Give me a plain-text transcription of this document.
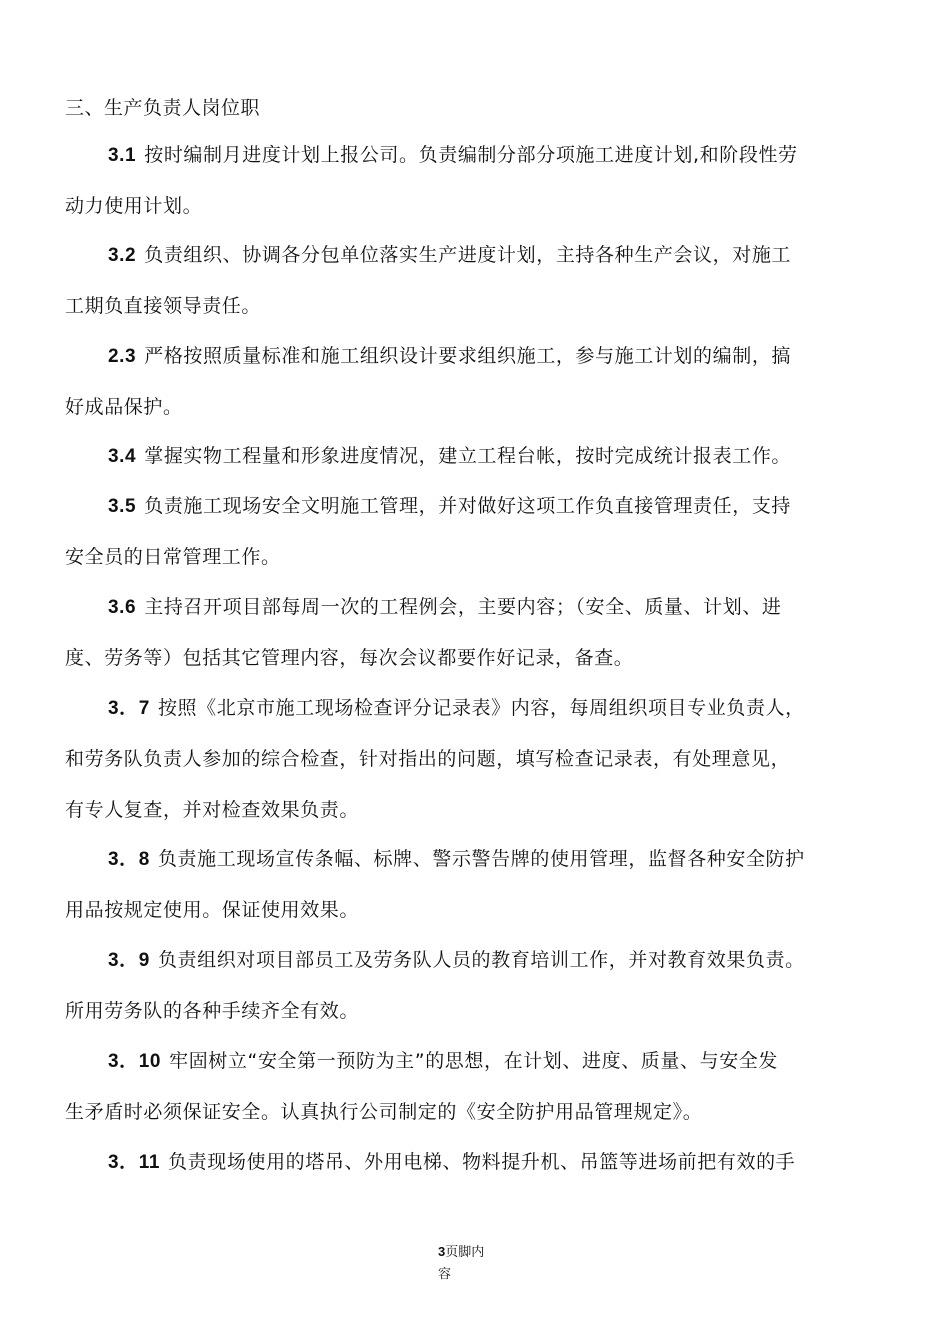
三、生产负责人岗位职
3.1 按时编制月进度计划上报公司。负责编制分部分项施工进度计划,和阶段性劳
动力使用计划。
3.2 负责组织、协调各分包单位落实生产进度计划，主持各种生产会议，对施工
工期负直接领导责任。
2.3 严格按照质量标准和施工组织设计要求组织施工，参与施工计划的编制，搞
好成品保护。
3.4 掌握实物工程量和形象进度情况，建立工程台帐，按时完成统计报表工作。
3.5 负责施工现场安全文明施工管理，并对做好这项工作负直接管理责任，支持
安全员的日常管理工作。
3.6 主持召开项目部每周一次的工程例会，主要内容；（安全、质量、计划、进
度、劳务等）包括其它管理内容，每次会议都要作好记录，备查。
3．7 按照《北京市施工现场检查评分记录表》内容，每周组织项目专业负责人，
和劳务队负责人参加的综合检查，针对指出的问题，填写检查记录表，有处理意见，
有专人复查，并对检查效果负责。
3．8 负责施工现场宣传条幅、标牌、警示警告牌的使用管理，监督各种安全防护
用品按规定使用。保证使用效果。
3．9 负责组织对项目部员工及劳务队人员的教育培训工作，并对教育效果负责。
所用劳务队的各种手续齐全有效。
3．10 牢固树立“安全第一预防为主”的思想，在计划、进度、质量、与安全发
生矛盾时必须保证安全。认真执行公司制定的《安全防护用品管理规定》。
3．11 负责现场使用的塔吊、外用电梯、物料提升机、吊篮等进场前把有效的手
3页脚内
容
